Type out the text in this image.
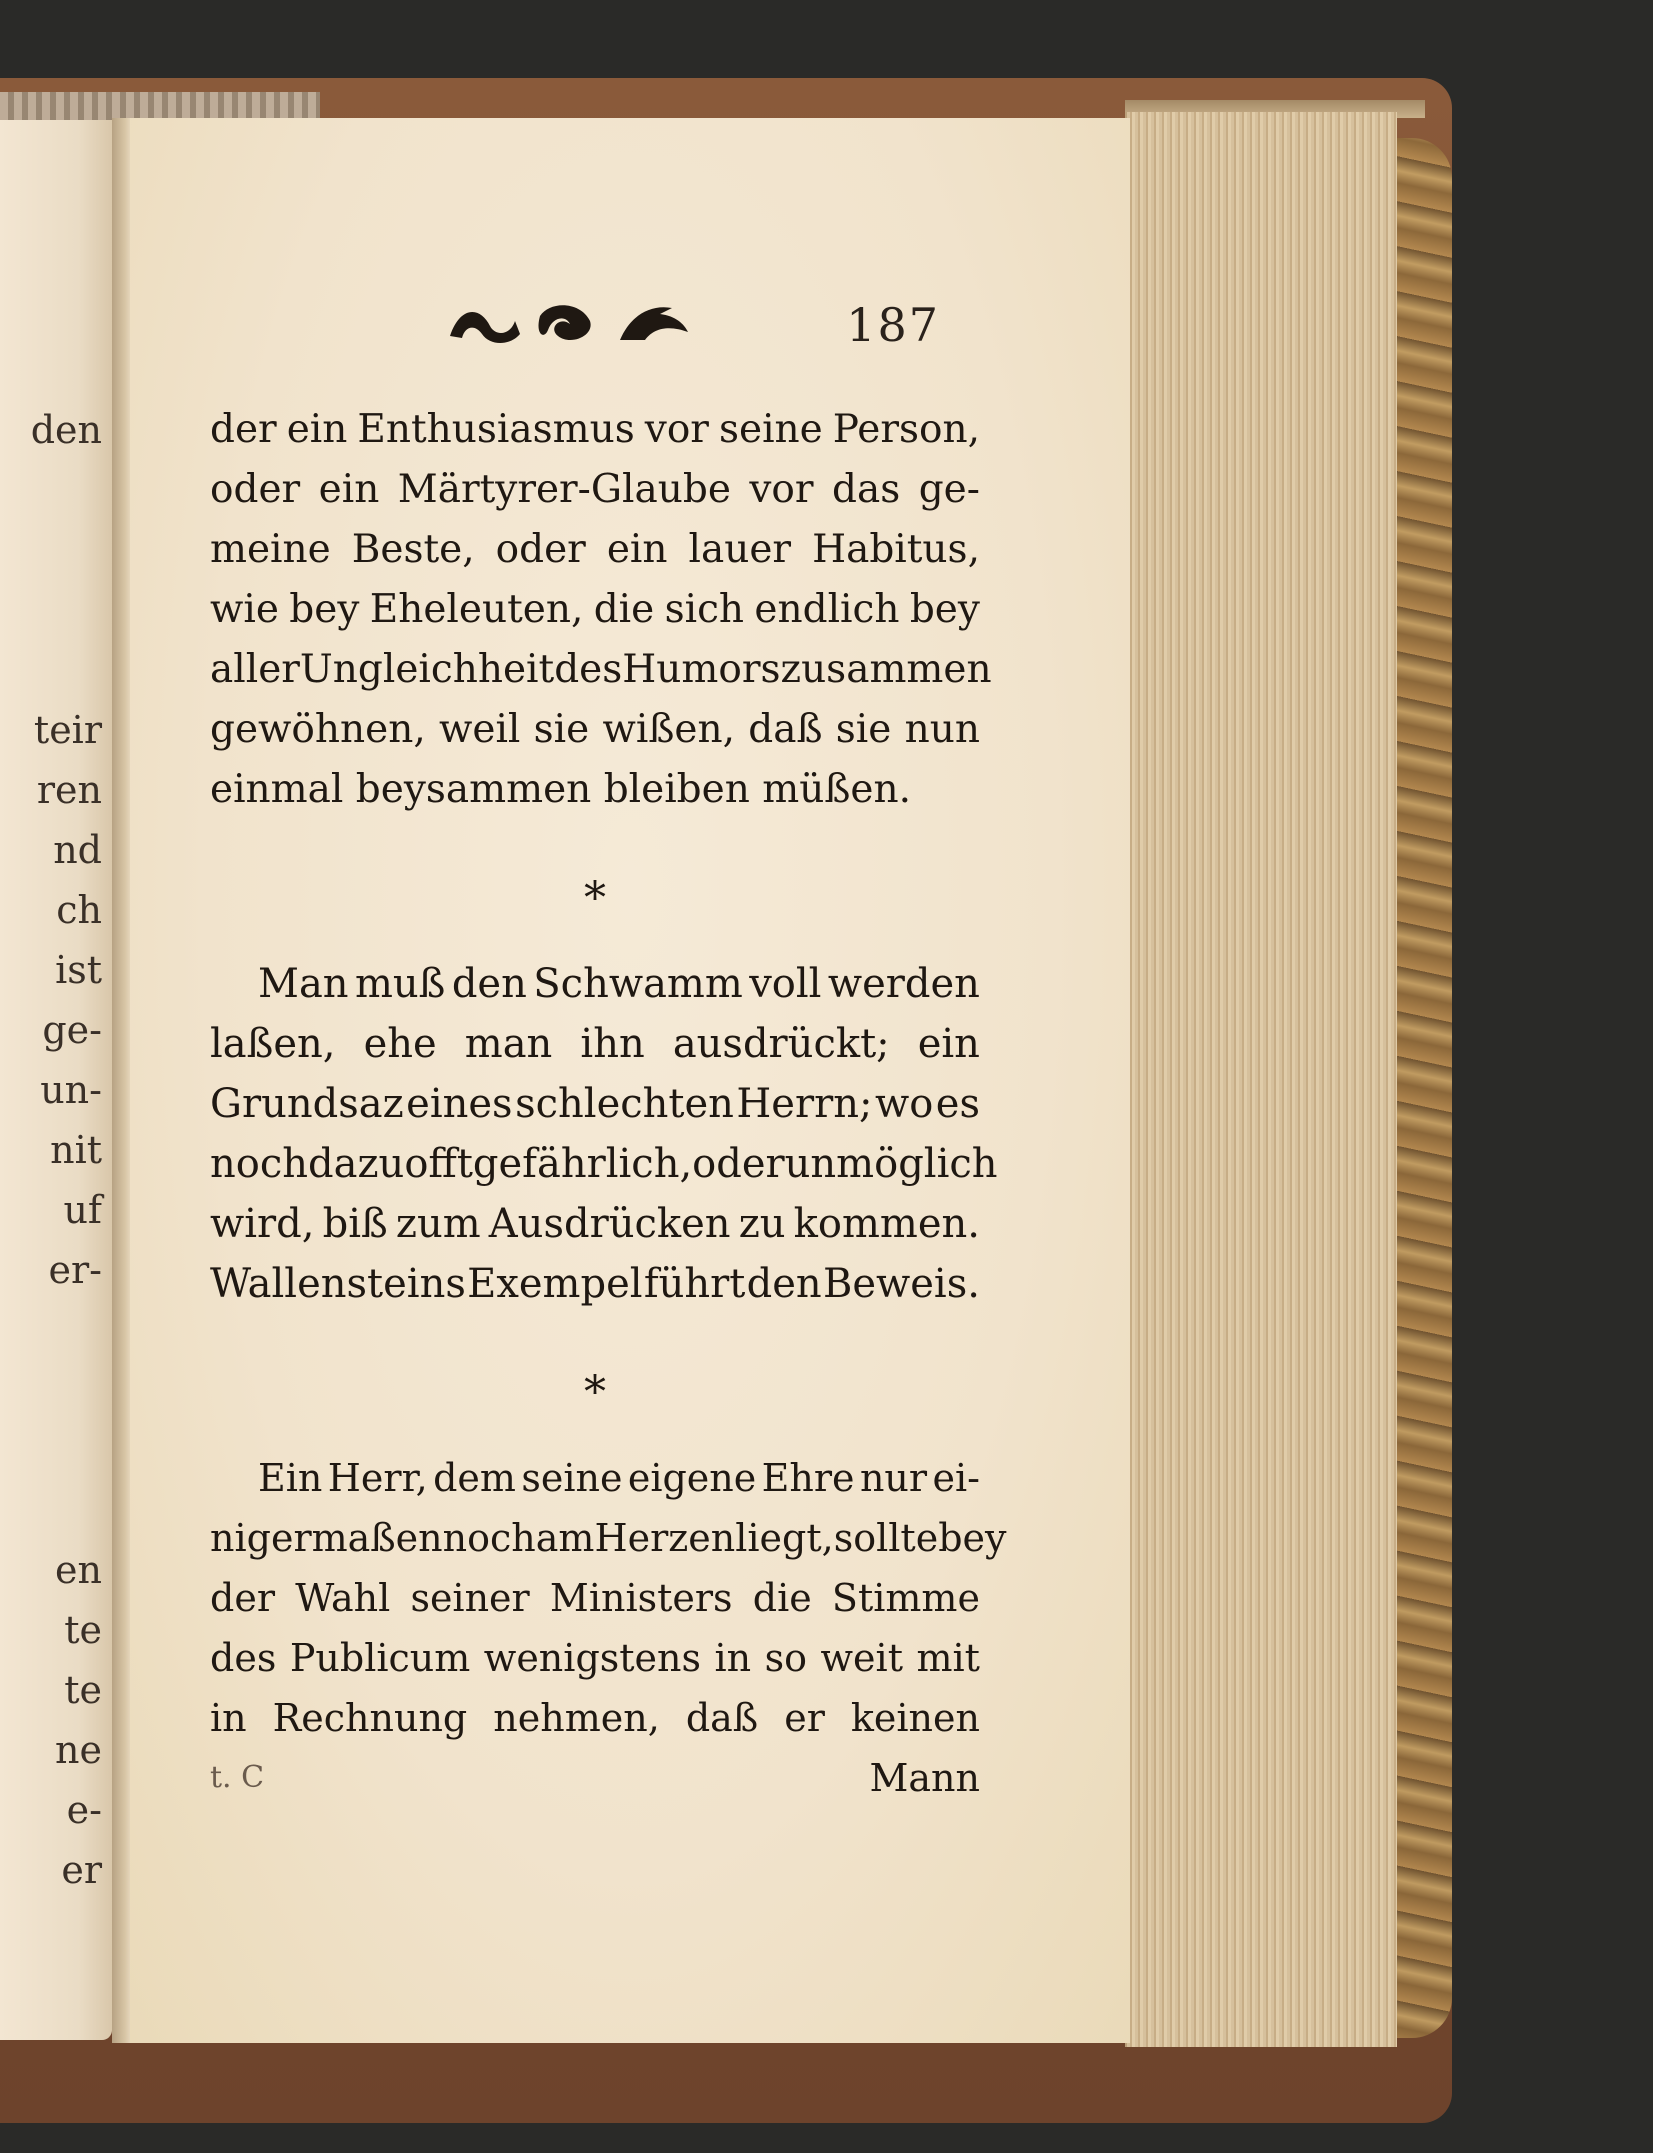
den
teir
ren
nd
ch
ist
ge-
un-
nit
uf
er-
en
te
te
ne
e-
er
187
der ein Enthusiasmus vor seine Person,
oder ein Märtyrer-Glaube vor das ge-
meine Beste, oder ein lauer Habitus,
wie bey Eheleuten, die sich endlich bey
aller Ungleichheit des Humors zusammen
gewöhnen, weil sie wißen, daß sie nun
einmal beysammen bleiben müßen.
*
Man muß den Schwamm voll werden
laßen, ehe man ihn ausdrückt; ein
Grundsaz eines schlechten Herrn; wo es
noch dazu offt gefährlich, oder unmöglich
wird, biß zum Ausdrücken zu kommen.
Wallensteins Exempel führt den Beweis.
*
Ein Herr, dem seine eigene Ehre nur ei-
niger maßen noch am Herzen liegt, sollte bey
der Wahl seiner Ministers die Stimme
des Publicum wenigstens in so weit mit
in Rechnung nehmen, daß er keinen
t. C	Mann
